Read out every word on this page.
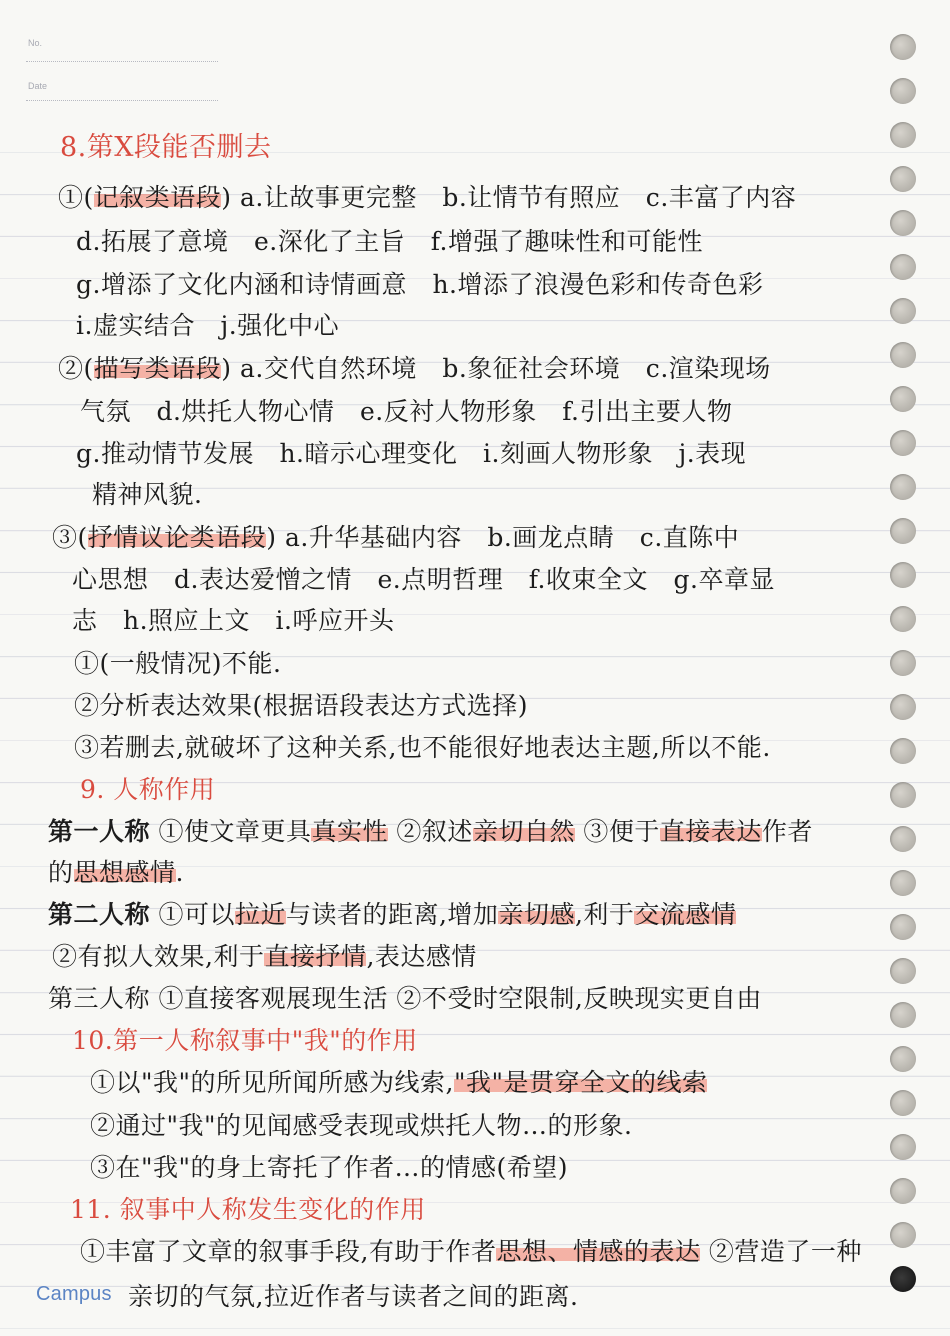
No.
Date
8.第X段能否删去
①(记叙类语段) a.让故事更完整　b.让情节有照应　c.丰富了内容
d.拓展了意境　e.深化了主旨　f.增强了趣味性和可能性
g.增添了文化内涵和诗情画意　h.增添了浪漫色彩和传奇色彩
i.虚实结合　j.强化中心
②(描写类语段) a.交代自然环境　b.象征社会环境　c.渲染现场
气氛　d.烘托人物心情　e.反衬人物形象　f.引出主要人物
g.推动情节发展　h.暗示心理变化　i.刻画人物形象　j.表现
精神风貌.
③(抒情议论类语段) a.升华基础内容　b.画龙点睛　c.直陈中
心思想　d.表达爱憎之情　e.点明哲理　f.收束全文　g.卒章显
志　h.照应上文　i.呼应开头
①(一般情况)不能.
②分析表达效果(根据语段表达方式选择)
③若删去,就破坏了这种关系,也不能很好地表达主题,所以不能.
9. 人称作用
第一人称 ①使文章更具真实性 ②叙述亲切自然 ③便于直接表达作者
的思想感情.
第二人称 ①可以拉近与读者的距离,增加亲切感,利于交流感情
②有拟人效果,利于直接抒情,表达感情
第三人称 ①直接客观展现生活 ②不受时空限制,反映现实更自由
10.第一人称叙事中"我"的作用
①以"我"的所见所闻所感为线索,"我"是贯穿全文的线索
②通过"我"的见闻感受表现或烘托人物…的形象.
③在"我"的身上寄托了作者…的情感(希望)
11. 叙事中人称发生变化的作用
①丰富了文章的叙事手段,有助于作者思想、情感的表达 ②营造了一种
亲切的气氛,拉近作者与读者之间的距离.
Campus
